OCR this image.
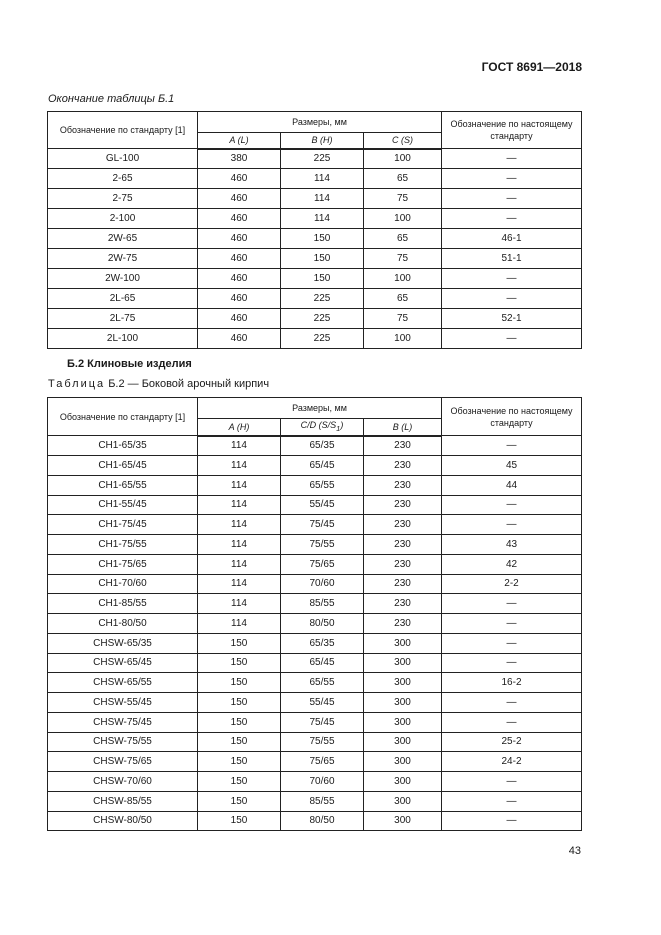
ГОСТ 8691—2018
Окончание таблицы Б.1
Обозначение по стандарту [1]	Размеры, мм			Обозначение по настоящему стандарту
	A (L)	B (H)	C (S)	
GL-100	380	225	100	—
2-65	460	114	65	—
2-75	460	114	75	—
2-100	460	114	100	—
2W-65	460	150	65	46-1
2W-75	460	150	75	51-1
2W-100	460	150	100	—
2L-65	460	225	65	—
2L-75	460	225	75	52-1
2L-100	460	225	100	—
Б.2 Клиновые изделия
Таблица Б.2 — Боковой арочный кирпич
Обозначение по стандарту [1]	Размеры, мм			Обозначение по настоящему стандарту
	A (H)	C/D $(S/S_1)$	B (L)	
CH1-65/35	114	65/35	230	—
CH1-65/45	114	65/45	230	45
CH1-65/55	114	65/55	230	44
CH1-55/45	114	55/45	230	—
CH1-75/45	114	75/45	230	—
CH1-75/55	114	75/55	230	43
CH1-75/65	114	75/65	230	42
CH1-70/60	114	70/60	230	2-2
CH1-85/55	114	85/55	230	—
CH1-80/50	114	80/50	230	—
CHSW-65/35	150	65/35	300	—
CHSW-65/45	150	65/45	300	—
CHSW-65/55	150	65/55	300	16-2
CHSW-55/45	150	55/45	300	—
CHSW-75/45	150	75/45	300	—
CHSW-75/55	150	75/55	300	25-2
CHSW-75/65	150	75/65	300	24-2
CHSW-70/60	150	70/60	300	—
CHSW-85/55	150	85/55	300	—
CHSW-80/50	150	80/50	300	—
43
